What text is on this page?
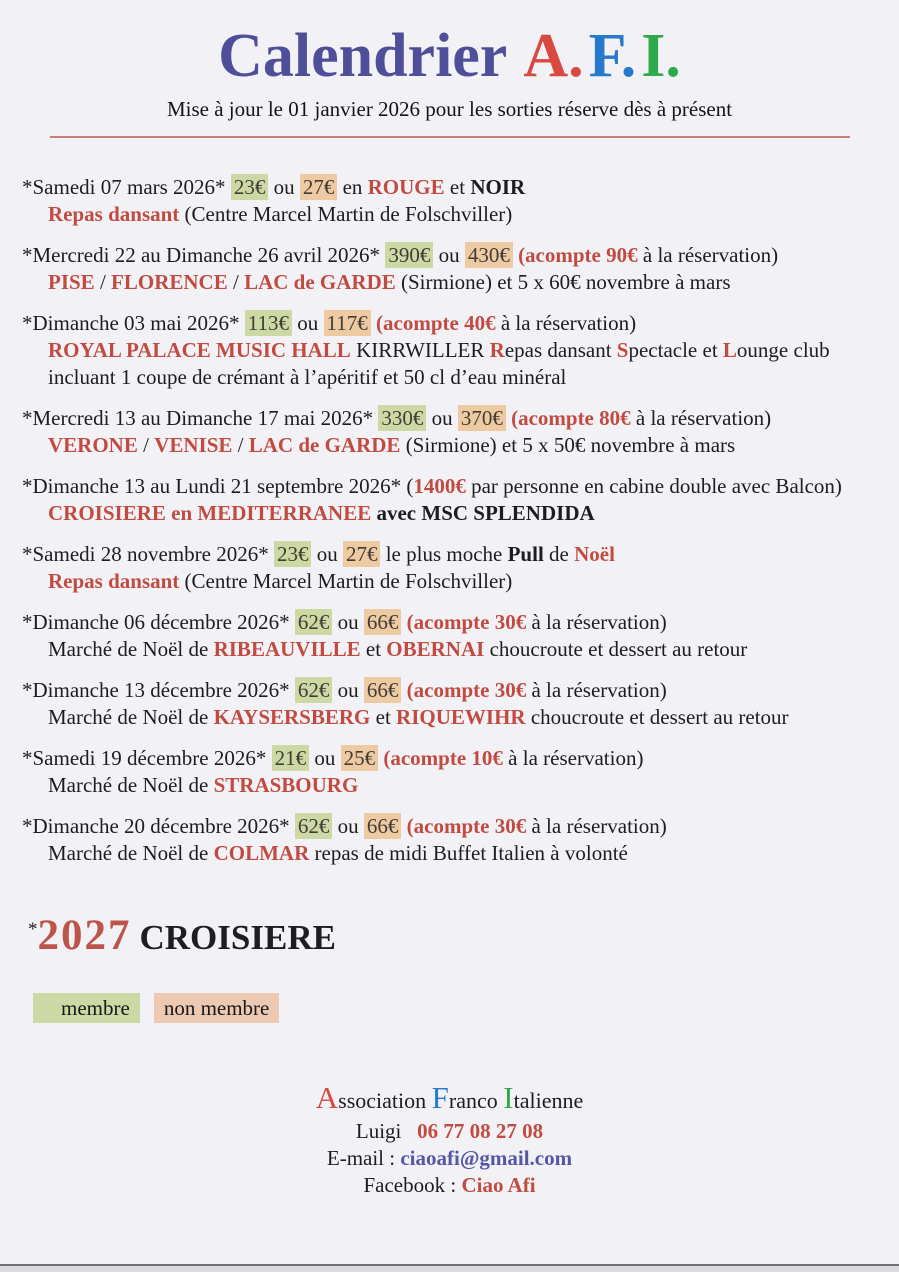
Calendrier A.F.I.
Mise à jour le 01 janvier 2026 pour les sorties réserve dès à présent
*Samedi 07 mars 2026* 23€ ou 27€ en ROUGE et NOIR
Repas dansant (Centre Marcel Martin de Folschviller)
*Mercredi 22 au Dimanche 26 avril 2026* 390€ ou 430€ (acompte 90€ à la réservation)
PISE / FLORENCE / LAC de GARDE (Sirmione) et 5 x 60€ novembre à mars
*Dimanche 03 mai 2026* 113€ ou 117€ (acompte 40€ à la réservation)
ROYAL PALACE MUSIC HALL KIRRWILLER Repas dansant Spectacle et Lounge club
incluant 1 coupe de crémant à l’apéritif et 50 cl d’eau minéral
*Mercredi 13 au Dimanche 17 mai 2026* 330€ ou 370€ (acompte 80€ à la réservation)
VERONE / VENISE / LAC de GARDE (Sirmione) et 5 x 50€ novembre à mars
*Dimanche 13 au Lundi 21 septembre 2026* (1400€ par personne en cabine double avec Balcon)
CROISIERE en MEDITERRANEE avec MSC SPLENDIDA
*Samedi 28 novembre 2026* 23€ ou 27€ le plus moche Pull de Noël
Repas dansant (Centre Marcel Martin de Folschviller)
*Dimanche 06 décembre 2026* 62€ ou 66€ (acompte 30€ à la réservation)
Marché de Noël de RIBEAUVILLE et OBERNAI choucroute et dessert au retour
*Dimanche 13 décembre 2026* 62€ ou 66€ (acompte 30€ à la réservation)
Marché de Noël de KAYSERSBERG et RIQUEWIHR choucroute et dessert au retour
*Samedi 19 décembre 2026* 21€ ou 25€ (acompte 10€ à la réservation)
Marché de Noël de STRASBOURG
*Dimanche 20 décembre 2026* 62€ ou 66€ (acompte 30€ à la réservation)
Marché de Noël de COLMAR repas de midi Buffet Italien à volonté
*2027 CROISIERE
membre non membre
Association Franco Italienne
Luigi   06 77 08 27 08
E-mail : ciaoafi@gmail.com
Facebook : Ciao Afi
